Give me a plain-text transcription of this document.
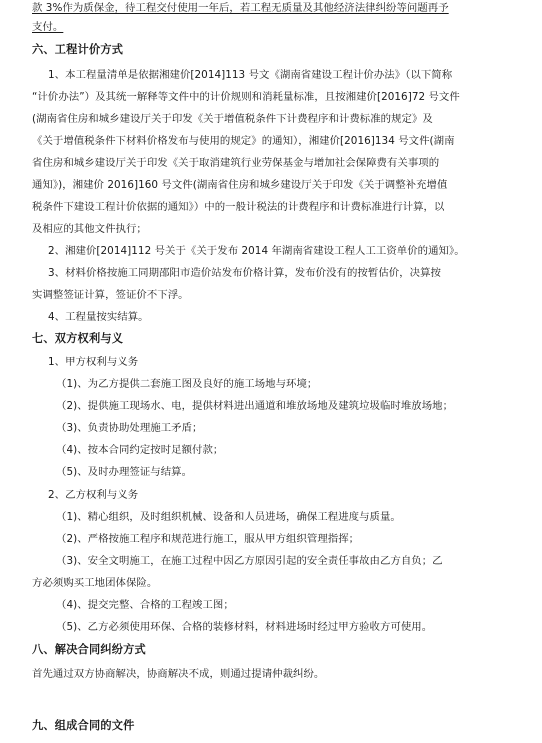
款 3%作为质保金，待工程交付使用一年后，若工程无质量及其他经济法律纠纷等问题再予
支付。
六、工程计价方式
1、本工程量清单是依据湘建价[2014]113 号文《湖南省建设工程计价办法》（以下简称
“计价办法”）及其统一解释等文件中的计价规则和消耗量标准，且按湘建价[2016]72 号文件
(湖南省住房和城乡建设厅关于印发《关于增值税条件下计费程序和计费标准的规定》及
《关于增值税条件下材料价格发布与使用的规定》的通知），湘建价[2016]134 号文件(湖南
省住房和城乡建设厅关于印发《关于取消建筑行业劳保基金与增加社会保障费有关事项的
通知》)，湘建价 2016]160 号文件(湖南省住房和城乡建设厅关于印发《关于调整补充增值
税条件下建设工程计价依据的通知》）中的一般计税法的计费程序和计费标准进行计算，以
及相应的其他文件执行；
2、湘建价[2014]112 号关于《关于发布 2014 年湖南省建设工程人工工资单价的通知》。
3、材料价格按施工同期邵阳市造价站发布价格计算，发布价没有的按暂估价，决算按
实调整签证计算，签证价不下浮。
4、工程量按实结算。
七、双方权利与义
1、甲方权利与义务
（1)、为乙方提供二套施工图及良好的施工场地与环境；
（2)、提供施工现场水、电，提供材料进出通道和堆放场地及建筑垃圾临时堆放场地；
（3)、负责协助处理施工矛盾；
（4)、按本合同约定按时足额付款；
（5)、及时办理签证与结算。
2、乙方权利与义务
（1)、精心组织，及时组织机械、设备和人员进场，确保工程进度与质量。
（2)、严格按施工程序和规范进行施工，服从甲方组织管理指挥；
（3)、安全文明施工，在施工过程中因乙方原因引起的安全责任事故由乙方自负；乙
方必须购买工地团体保险。
（4)、提交完整、合格的工程竣工图；
（5)、乙方必须使用环保、合格的装修材料，材料进场时经过甲方验收方可使用。
八、解决合同纠纷方式
首先通过双方协商解决，协商解决不成，则通过提请仲裁纠纷。
九、组成合同的文件
